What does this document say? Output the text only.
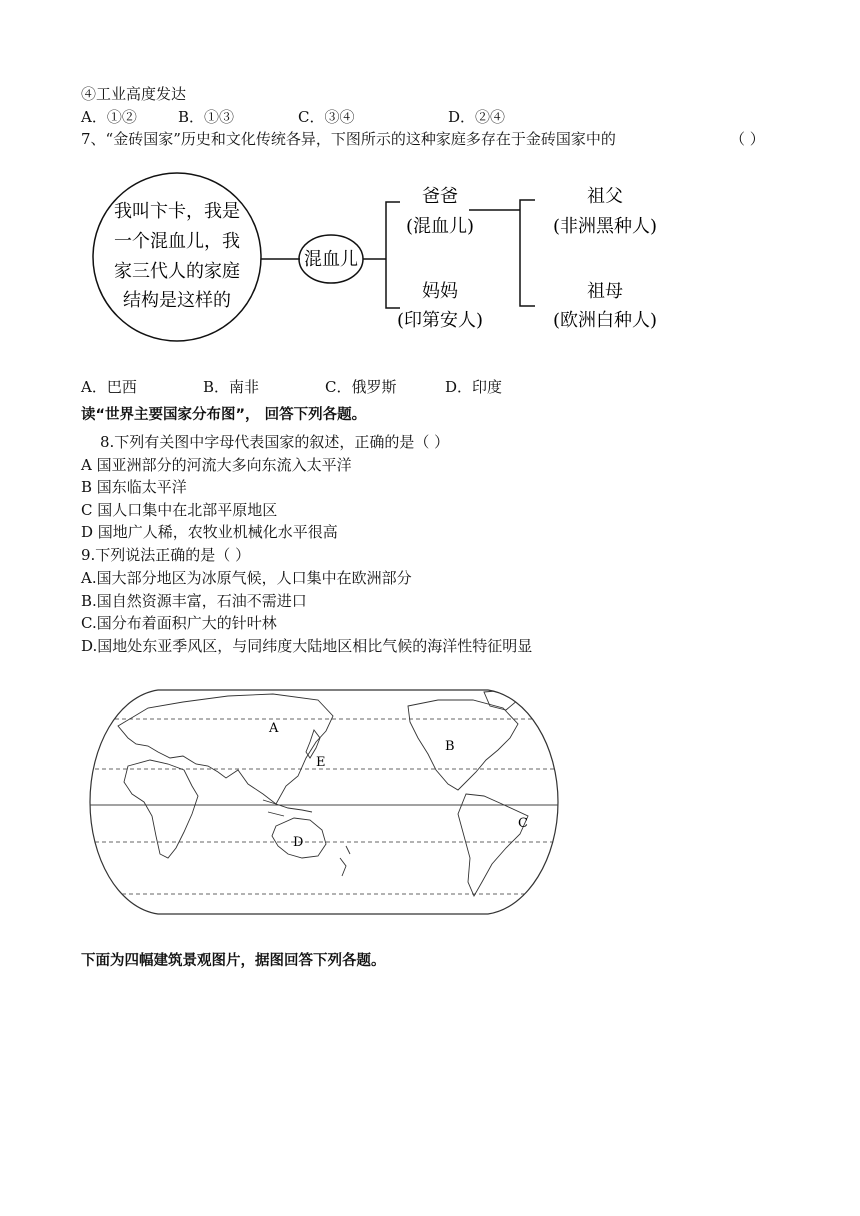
④工业高度发达
A．①②	B．①③	C．③④	D．②④
7、“金砖国家”历史和文化传统各异，下图所示的这种家庭多存在于金砖国家中的	（ ）
我叫卞卡，我是
一个混血儿，我
家三代人的家庭
结构是这样的
混血儿
爸爸
(混血儿)
妈妈
(印第安人)
祖父
(非洲黑种人)
祖母
(欧洲白种人)
A．巴西	B．南非	C．俄罗斯	D．印度
读“世界主要国家分布图”， 回答下列各题。
8.下列有关图中字母代表国家的叙述，正确的是（ ）
A 国亚洲部分的河流大多向东流入太平洋
B 国东临太平洋
C 国人口集中在北部平原地区
D 国地广人稀，农牧业机械化水平很高
9.下列说法正确的是（ ）
A.国大部分地区为冰原气候，人口集中在欧洲部分
B.国自然资源丰富，石油不需进口
C.国分布着面积广大的针叶林
D.国地处东亚季风区，与同纬度大陆地区相比气候的海洋性特征明显
A
B
C
D
E
下面为四幅建筑景观图片，据图回答下列各题。
